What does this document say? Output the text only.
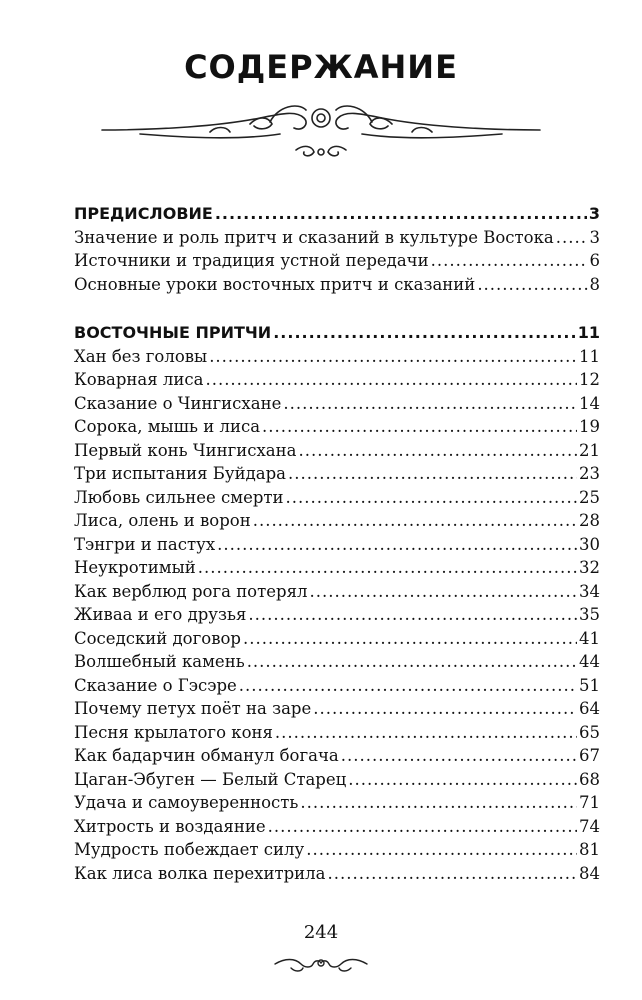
СОДЕРЖАНИЕ
ПРЕДИСЛОВИЕ .....	3
Значение и роль притч и сказаний в культуре Востока ..... 3
Источники и традиция устной передачи .....	6
Основные уроки восточных притч и сказаний .....	8
ВОСТОЧНЫЕ ПРИТЧИ .....	11
Хан без головы .....	11
Коварная лиса .....	12
Сказание о Чингисхане .....	14
Сорока, мышь и лиса .....	19
Первый конь Чингисхана .....	21
Три испытания Буйдара .....	23
Любовь сильнее смерти .....	25
Лиса, олень и ворон .....	28
Тэнгри и пастух .....	30
Неукротимый .....	32
Как верблюд рога потерял .....	34
Живаа и его друзья .....	35
Соседский договор .....	41
Волшебный камень .....	44
Сказание о Гэсэре .....	51
Почему петух поёт на заре .....	64
Песня крылатого коня .....	65
Как бадарчин обманул богача .....	67
Цаган-Эбуген — Белый Старец .....	68
Удача и самоуверенность .....	71
Хитрость и воздаяние .....	74
Мудрость побеждает силу .....	81
Как лиса волка перехитрила .....	84
244
